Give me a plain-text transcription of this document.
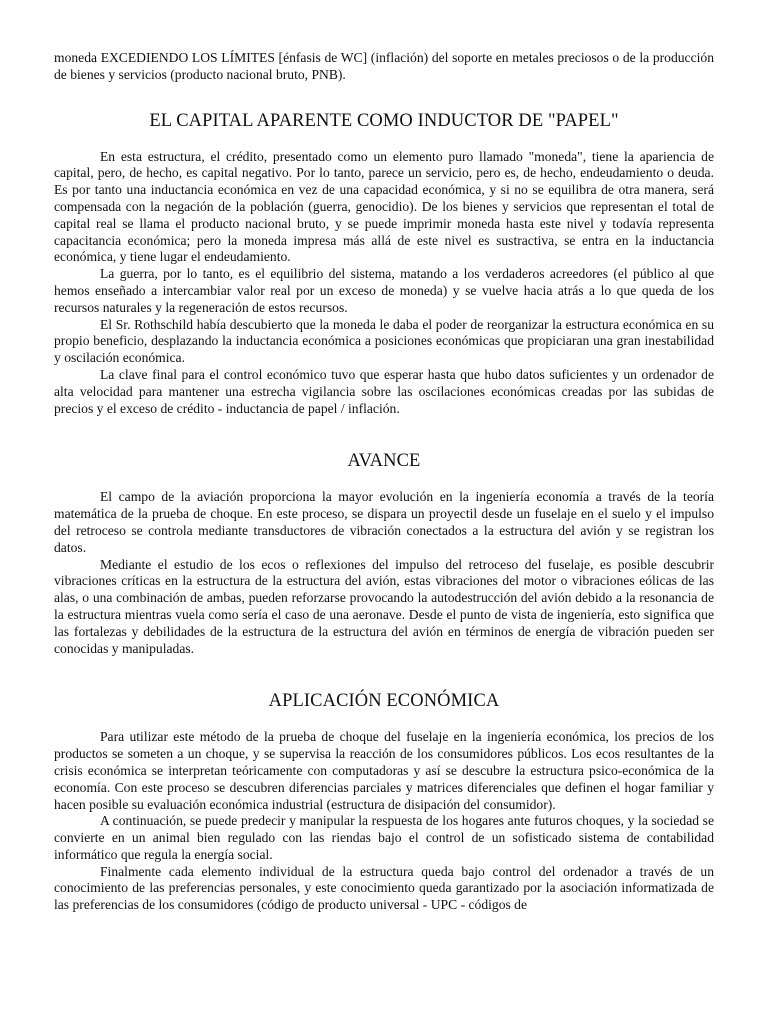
moneda EXCEDIENDO LOS LÍMITES [énfasis de WC] (inflación) del soporte en metales preciosos o de la producción de bienes y servicios (producto nacional bruto, PNB).

EL CAPITAL APARENTE COMO INDUCTOR DE "PAPEL"

En esta estructura, el crédito, presentado como un elemento puro llamado "moneda", tiene la apariencia de capital, pero, de hecho, es capital negativo. Por lo tanto, parece un servicio, pero es, de hecho, endeudamiento o deuda. Es por tanto una inductancia económica en vez de una capacidad económica, y si no se equilibra de otra manera, será compensada con la negación de la población (guerra, genocidio). De los bienes y servicios que representan el total de capital real se llama el producto nacional bruto, y se puede imprimir moneda hasta este nivel y todavía representa capacitancia económica; pero la moneda impresa más allá de este nivel es sustractiva, se entra en la inductancia económica, y tiene lugar el endeudamiento.

La guerra, por lo tanto, es el equilibrio del sistema, matando a los verdaderos acreedores (el público al que hemos enseñado a intercambiar valor real por un exceso de moneda) y se vuelve hacia atrás a lo que queda de los recursos naturales y la regeneración de estos recursos.

El Sr. Rothschild había descubierto que la moneda le daba el poder de reorganizar la estructura económica en su propio beneficio, desplazando la inductancia económica a posiciones económicas que propiciaran una gran inestabilidad y oscilación económica.

La clave final para el control económico tuvo que esperar hasta que hubo datos suficientes y un ordenador de alta velocidad para mantener una estrecha vigilancia sobre las oscilaciones económicas creadas por las subidas de precios y el exceso de crédito - inductancia de papel / inflación.

AVANCE

El campo de la aviación proporciona la mayor evolución en la ingeniería economía a través de la teoría matemática de la prueba de choque. En este proceso, se dispara un proyectil desde un fuselaje en el suelo y el impulso del retroceso se controla mediante transductores de vibración conectados a la estructura del avión y se registran los datos.

Mediante el estudio de los ecos o reflexiones del impulso del retroceso del fuselaje, es posible descubrir vibraciones críticas en la estructura de la estructura del avión, estas vibraciones del motor o vibraciones eólicas de las alas, o una combinación de ambas, pueden reforzarse provocando la autodestrucción del avión debido a la resonancia de la estructura mientras vuela como sería el caso de una aeronave. Desde el punto de vista de ingeniería, esto significa que las fortalezas y debilidades de la estructura de la estructura del avión en términos de energía de vibración pueden ser conocidas y manipuladas.

APLICACIÓN ECONÓMICA

Para utilizar este método de la prueba de choque del fuselaje en la ingeniería económica, los precios de los productos se someten a un choque, y se supervisa la reacción de los consumidores públicos. Los ecos resultantes de la crisis económica se interpretan teóricamente con computadoras y así se descubre la estructura psico-económica de la economía. Con este proceso se descubren diferencias parciales y matrices diferenciales que definen el hogar familiar y hacen posible su evaluación económica industrial (estructura de disipación del consumidor).

A continuación, se puede predecir y manipular la respuesta de los hogares ante futuros choques, y la sociedad se convierte en un animal bien regulado con las riendas bajo el control de un sofisticado sistema de contabilidad informático que regula la energía social.

Finalmente cada elemento individual de la estructura queda bajo control del ordenador a través de un conocimiento de las preferencias personales, y este conocimiento queda garantizado por la asociación informatizada de las preferencias de los consumidores (código de producto universal - UPC - códigos de
